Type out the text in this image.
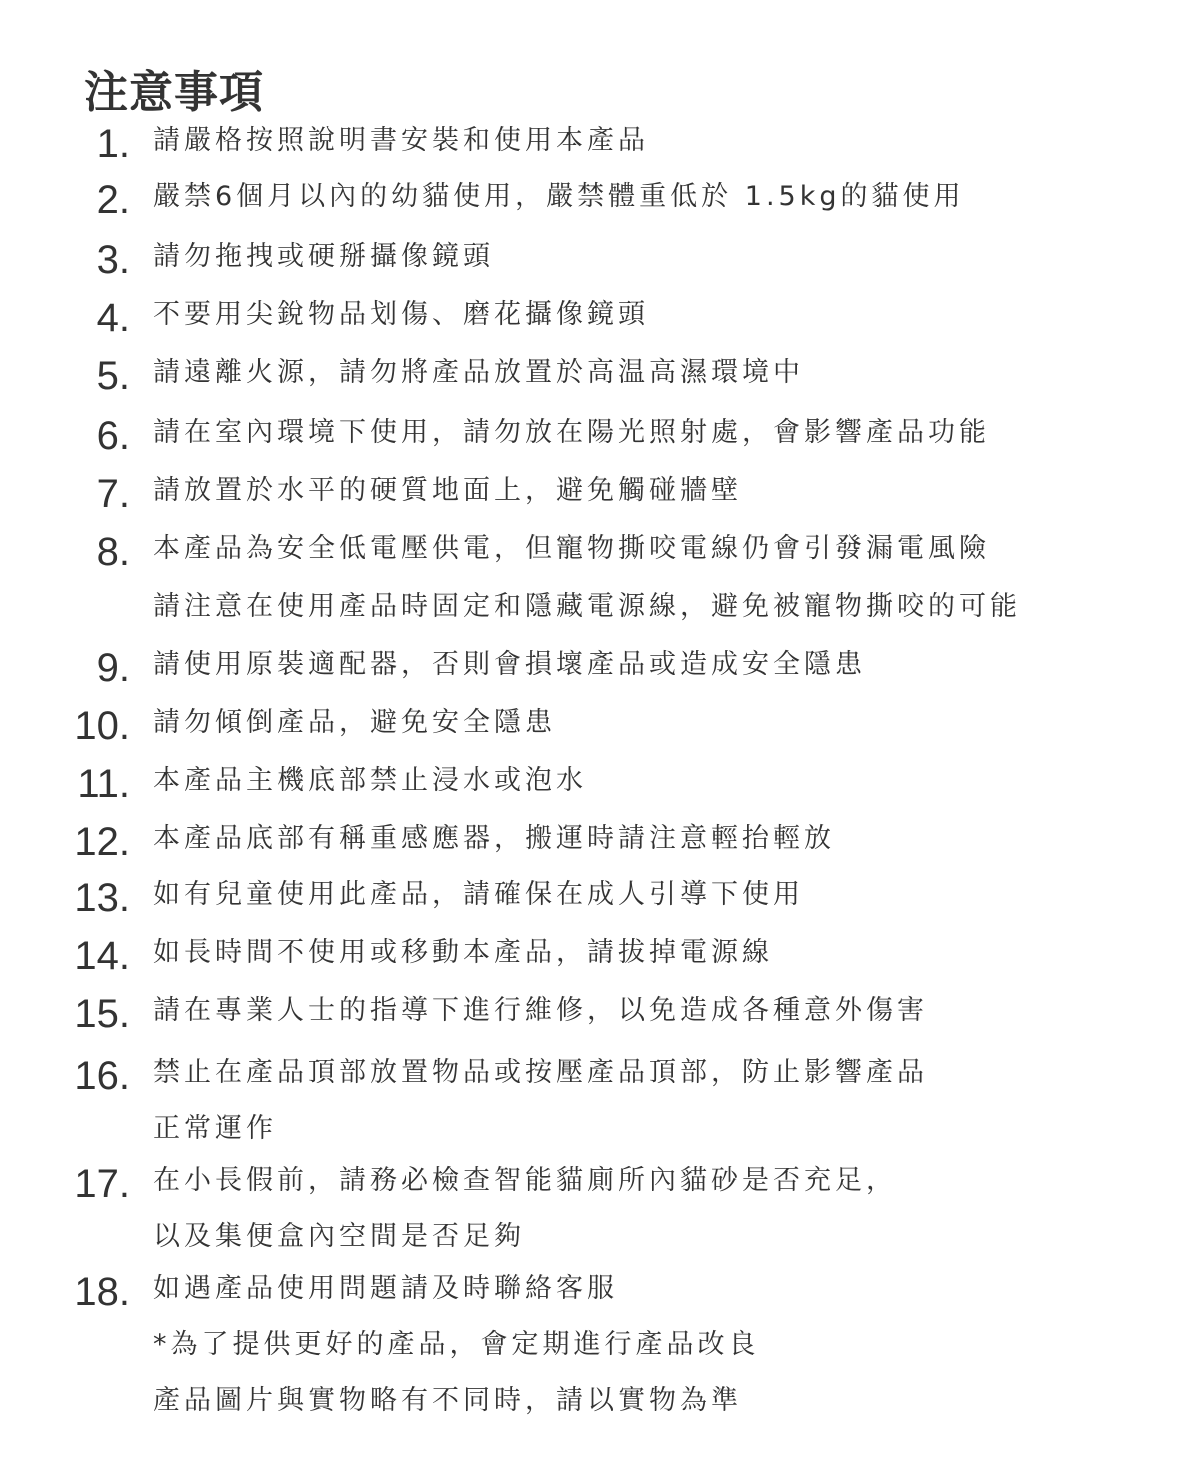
注意事項
1. 請嚴格按照說明書安裝和使用本產品
2. 嚴禁6個月以內的幼貓使用，嚴禁體重低於 1.5kg的貓使用
3. 請勿拖拽或硬掰攝像鏡頭
4. 不要用尖銳物品划傷、磨花攝像鏡頭
5. 請遠離火源，請勿將產品放置於高温高濕環境中
6. 請在室內環境下使用，請勿放在陽光照射處，會影響產品功能
7. 請放置於水平的硬質地面上，避免觸碰牆壁
8. 本產品為安全低電壓供電，但寵物撕咬電線仍會引發漏電風險
請注意在使用產品時固定和隱藏電源線，避免被寵物撕咬的可能
9. 請使用原裝適配器，否則會損壞產品或造成安全隱患
10. 請勿傾倒產品，避免安全隱患
11. 本產品主機底部禁止浸水或泡水
12. 本產品底部有稱重感應器，搬運時請注意輕抬輕放
13. 如有兒童使用此產品，請確保在成人引導下使用
14. 如長時間不使用或移動本產品，請拔掉電源線
15. 請在專業人士的指導下進行維修，以免造成各種意外傷害
16. 禁止在產品頂部放置物品或按壓產品頂部，防止影響產品
正常運作
17. 在小長假前，請務必檢查智能貓廁所內貓砂是否充足，
以及集便盒內空間是否足夠
18. 如遇產品使用問題請及時聯絡客服
*為了提供更好的產品，會定期進行產品改良
產品圖片與實物略有不同時，請以實物為準
